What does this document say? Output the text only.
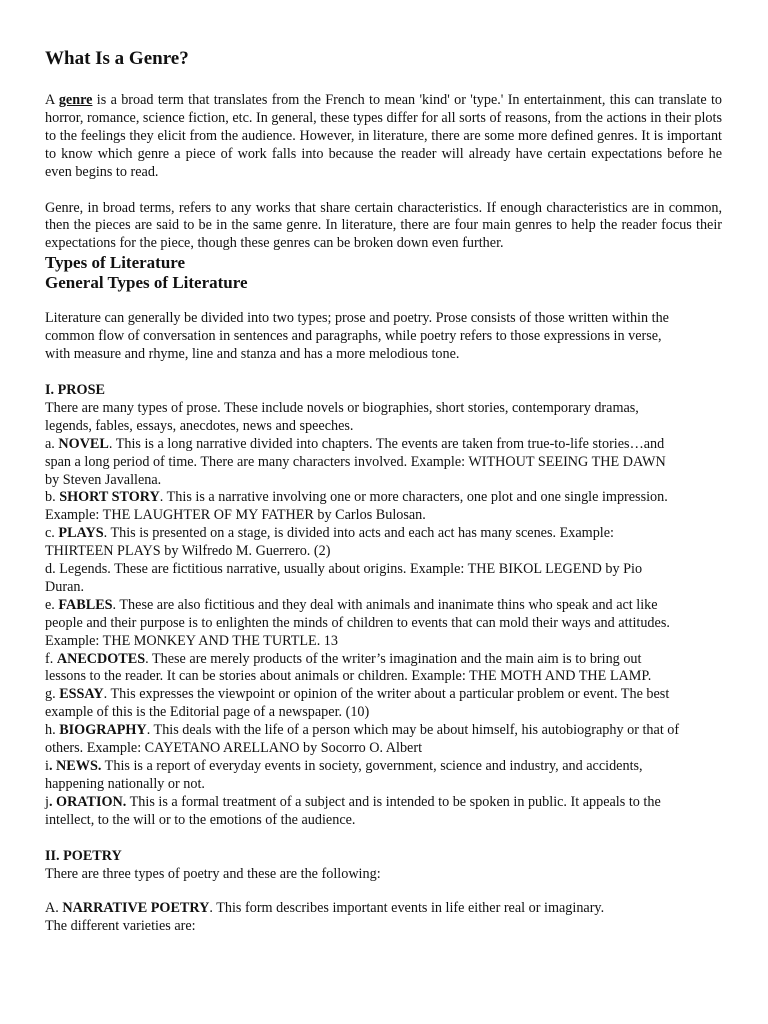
What Is a Genre?

A genre is a broad term that translates from the French to mean 'kind' or 'type.' In entertainment, this can translate to horror, romance, science fiction, etc. In general, these types differ for all sorts of reasons, from the actions in their plots to the feelings they elicit from the audience. However, in literature, there are some more defined genres. It is important to know which genre a piece of work falls into because the reader will already have certain expectations before he even begins to read.

Genre, in broad terms, refers to any works that share certain characteristics. If enough characteristics are in common, then the pieces are said to be in the same genre. In literature, there are four main genres to help the reader focus their expectations for the piece, though these genres can be broken down even further.

Types of Literature
General Types of Literature

Literature can generally be divided into two types; prose and poetry. Prose consists of those written within the
common flow of conversation in sentences and paragraphs, while poetry refers to those expressions in verse,
with measure and rhyme, line and stanza and has a more melodious tone.

I. PROSE

There are many types of prose. These include novels or biographies, short stories, contemporary dramas,
legends, fables, essays, anecdotes, news and speeches.

a. NOVEL. This is a long narrative divided into chapters. The events are taken from true-to-life stories…and
span a long period of time. There are many characters involved. Example: WITHOUT SEEING THE DAWN
by Steven Javallena.

b. SHORT STORY. This is a narrative involving one or more characters, one plot and one single impression.
Example: THE LAUGHTER OF MY FATHER by Carlos Bulosan.

c. PLAYS. This is presented on a stage, is divided into acts and each act has many scenes. Example:
THIRTEEN PLAYS by Wilfredo M. Guerrero. (2)

d. Legends. These are fictitious narrative, usually about origins. Example: THE BIKOL LEGEND by Pio
Duran.

e. FABLES. These are also fictitious and they deal with animals and inanimate thins who speak and act like
people and their purpose is to enlighten the minds of children to events that can mold their ways and attitudes.
Example: THE MONKEY AND THE TURTLE. 13

f. ANECDOTES. These are merely products of the writer’s imagination and the main aim is to bring out
lessons to the reader. It can be stories about animals or children. Example: THE MOTH AND THE LAMP.

g. ESSAY. This expresses the viewpoint or opinion of the writer about a particular problem or event. The best
example of this is the Editorial page of a newspaper. (10)

h. BIOGRAPHY. This deals with the life of a person which may be about himself, his autobiography or that of
others. Example: CAYETANO ARELLANO by Socorro O. Albert

i. NEWS. This is a report of everyday events in society, government, science and industry, and accidents,
happening nationally or not.

j. ORATION. This is a formal treatment of a subject and is intended to be spoken in public. It appeals to the
intellect, to the will or to the emotions of the audience.

II. POETRY

There are three types of poetry and these are the following:

A. NARRATIVE POETRY. This form describes important events in life either real or imaginary.
The different varieties are:
